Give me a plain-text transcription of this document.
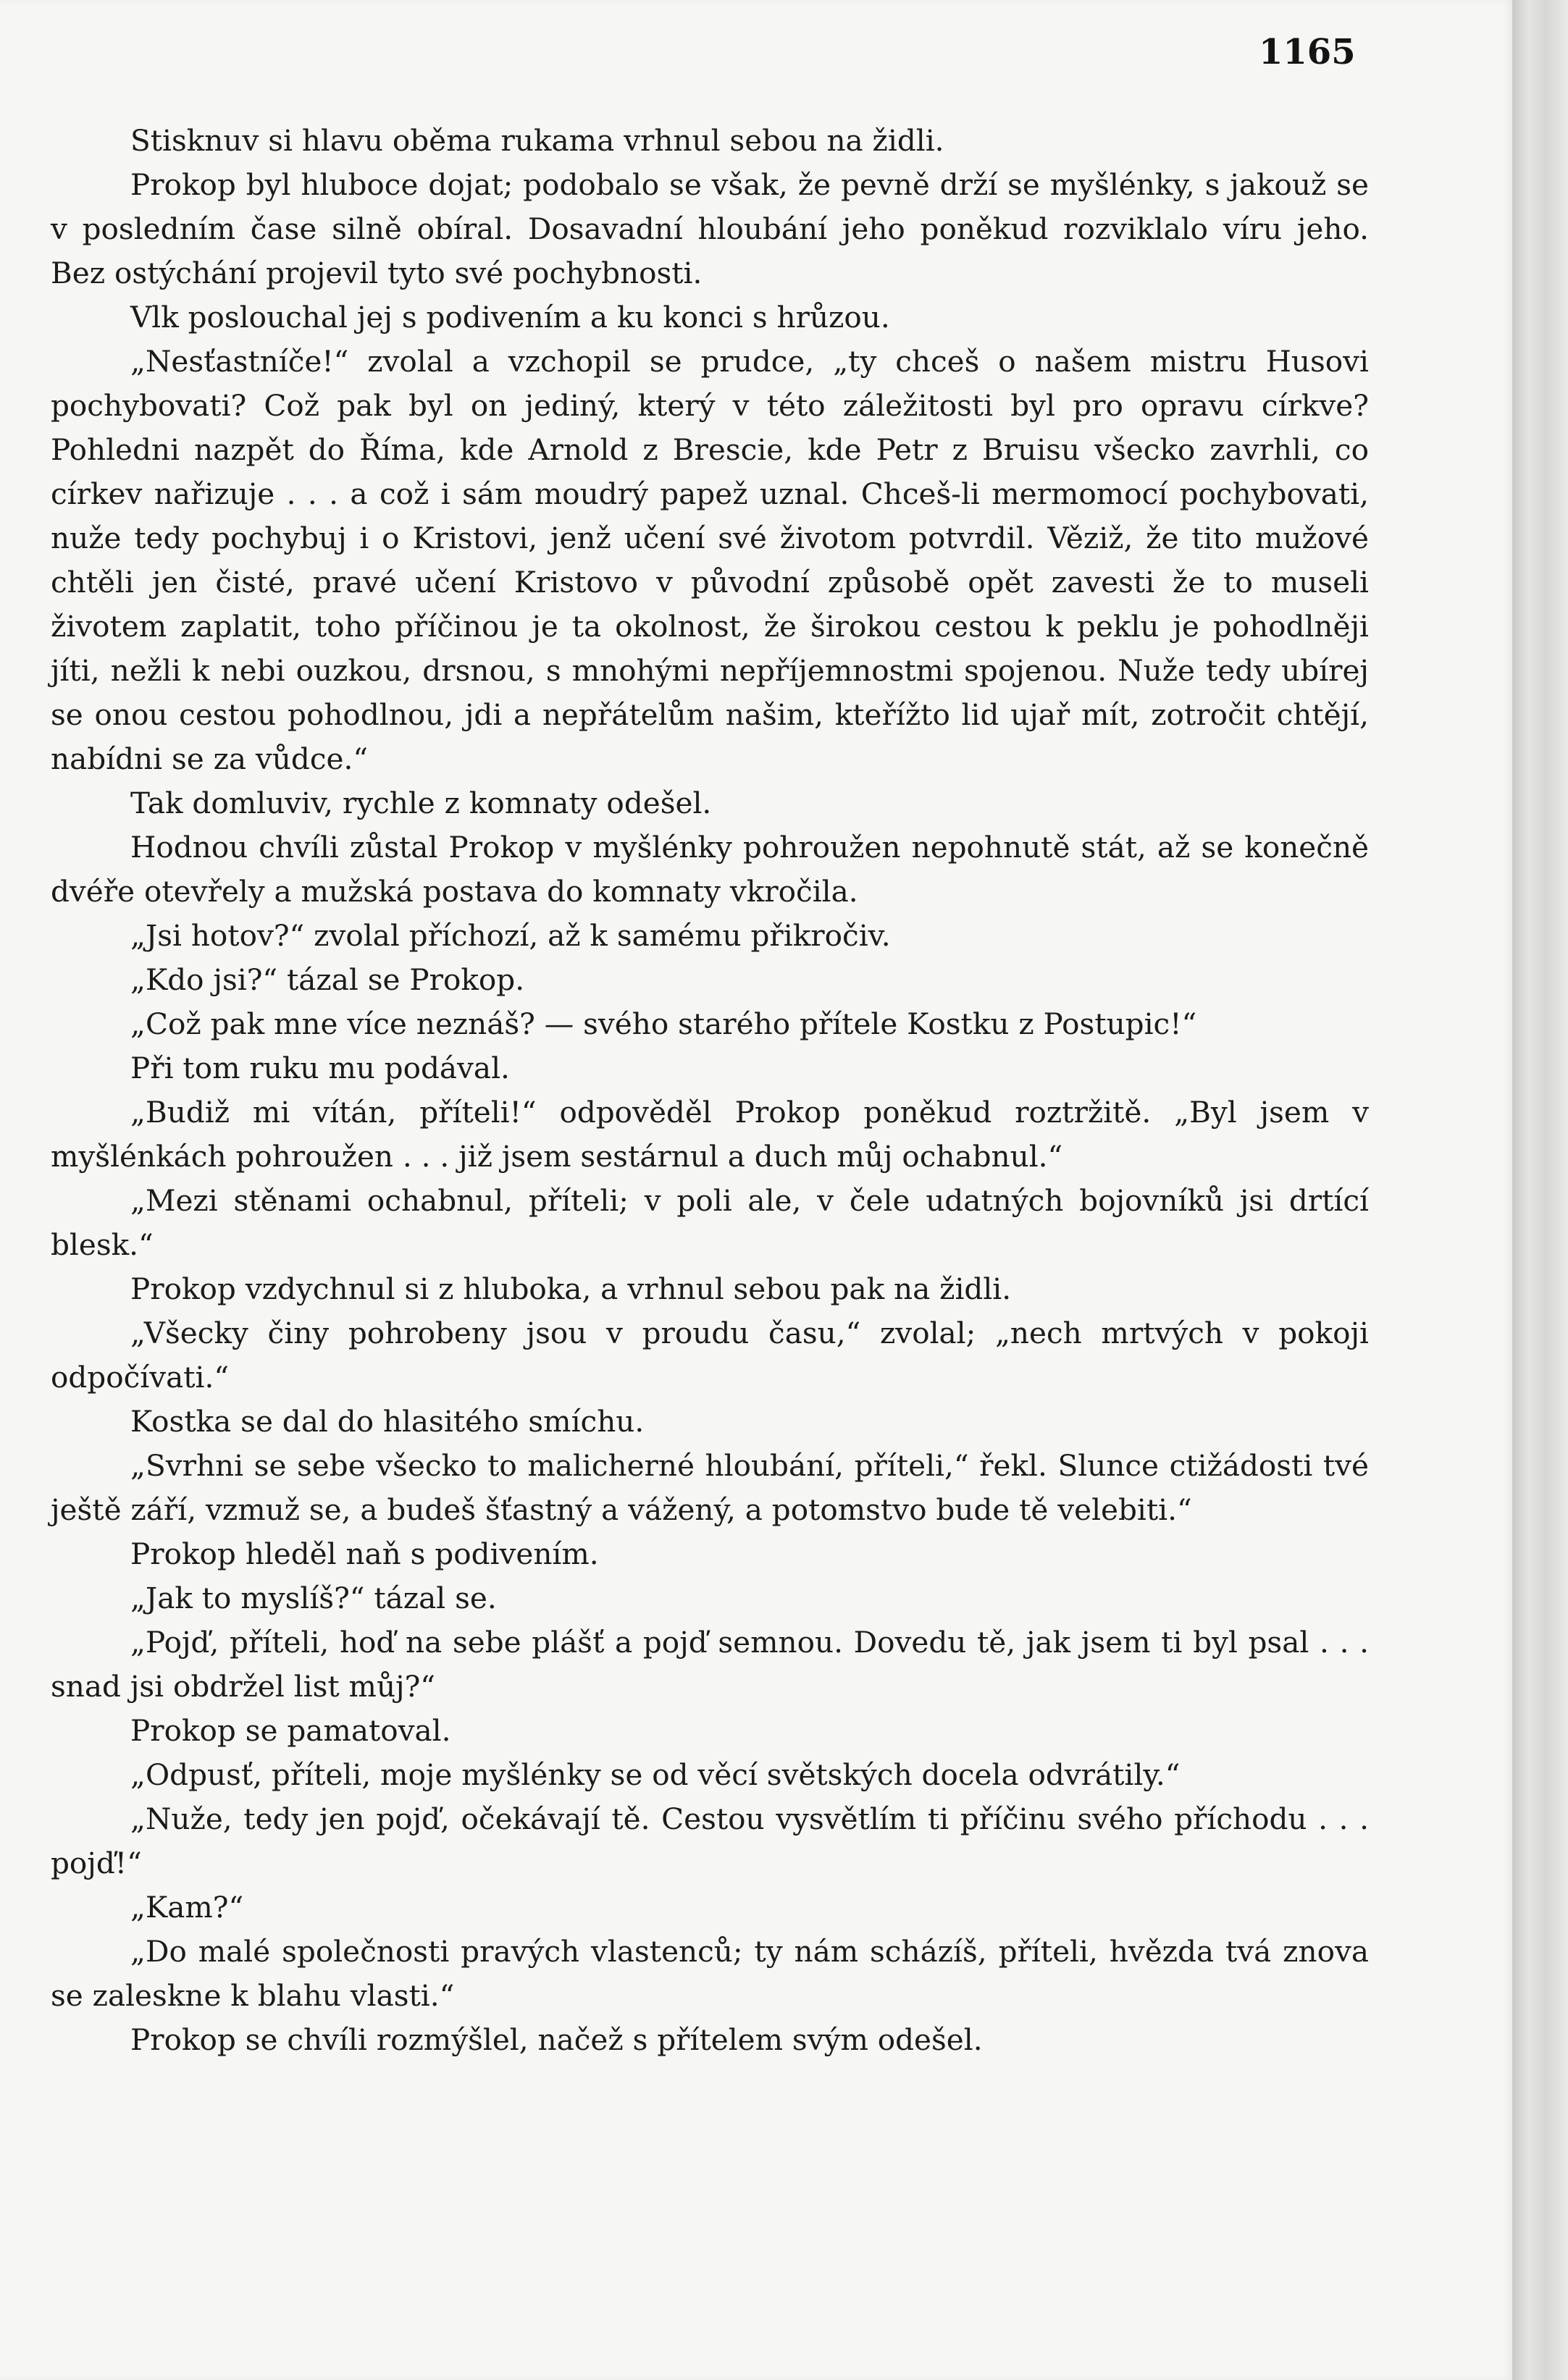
1165

Stisknuv si hlavu oběma rukama vrhnul sebou na židli.

Prokop byl hluboce dojat; podobalo se však, že pevně drží se myšlénky, s jakouž se v posledním čase silně obíral. Dosavadní hloubání jeho poněkud rozviklalo víru jeho. Bez ostýchání projevil tyto své pochybnosti.

Vlk poslouchal jej s podivením a ku konci s hrůzou.

„Nesťastníče!“ zvolal a vzchopil se prudce, „ty chceš o našem mistru Husovi pochybovati? Což pak byl on jediný, který v této záležitosti byl pro opravu církve? Pohledni nazpět do Říma, kde Arnold z Brescie, kde Petr z Bruisu všecko zavrhli, co církev nařizuje . . . a což i sám moudrý papež uznal. Chceš-li mermomocí pochybovati, nuže tedy pochybuj i o Kristovi, jenž učení své životom potvrdil. Věziž, že tito mužové chtěli jen čisté, pravé učení Kristovo v původní způsobě opět zavesti že to museli životem zaplatit, toho příčinou je ta okolnost, že širokou cestou k peklu je pohodlněji jíti, nežli k nebi ouzkou, drsnou, s mnohými nepříjemnostmi spojenou. Nuže tedy ubírej se onou cestou pohodlnou, jdi a nepřátelům našim, kteřížto lid ujař mít, zotročit chtějí, nabídni se za vůdce.“

Tak domluviv, rychle z komnaty odešel.

Hodnou chvíli zůstal Prokop v myšlénky pohroužen nepohnutě stát, až se konečně dvéře otevřely a mužská postava do komnaty vkročila.

„Jsi hotov?“ zvolal příchozí, až k samému přikročiv.

„Kdo jsi?“ tázal se Prokop.

„Což pak mne více neznáš? — svého starého přítele Kostku z Postupic!“

Při tom ruku mu podával.

„Budiž mi vítán, příteli!“ odpověděl Prokop poněkud roztržitě. „Byl jsem v myšlénkách pohroužen . . . již jsem sestárnul a duch můj ochabnul.“

„Mezi stěnami ochabnul, příteli; v poli ale, v čele udatných bojovníků jsi drtící blesk.“

Prokop vzdychnul si z hluboka, a vrhnul sebou pak na židli.

„Všecky činy pohrobeny jsou v proudu času,“ zvolal; „nech mrtvých v pokoji odpočívati.“

Kostka se dal do hlasitého smíchu.

„Svrhni se sebe všecko to malicherné hloubání, příteli,“ řekl. Slunce ctižádosti tvé ještě září, vzmuž se, a budeš šťastný a vážený, a potomstvo bude tě velebiti.“

Prokop hleděl naň s podivením.

„Jak to myslíš?“ tázal se.

„Pojď, příteli, hoď na sebe plášť a pojď semnou. Dovedu tě, jak jsem ti byl psal . . . snad jsi obdržel list můj?“

Prokop se pamatoval.

„Odpusť, příteli, moje myšlénky se od věcí světských docela odvrátily.“

„Nuže, tedy jen pojď, očekávají tě. Cestou vysvětlím ti příčinu svého příchodu . . . pojď!“

„Kam?“

„Do malé společnosti pravých vlastenců; ty nám scházíš, příteli, hvězda tvá znova se zaleskne k blahu vlasti.“

Prokop se chvíli rozmýšlel, načež s přítelem svým odešel.
